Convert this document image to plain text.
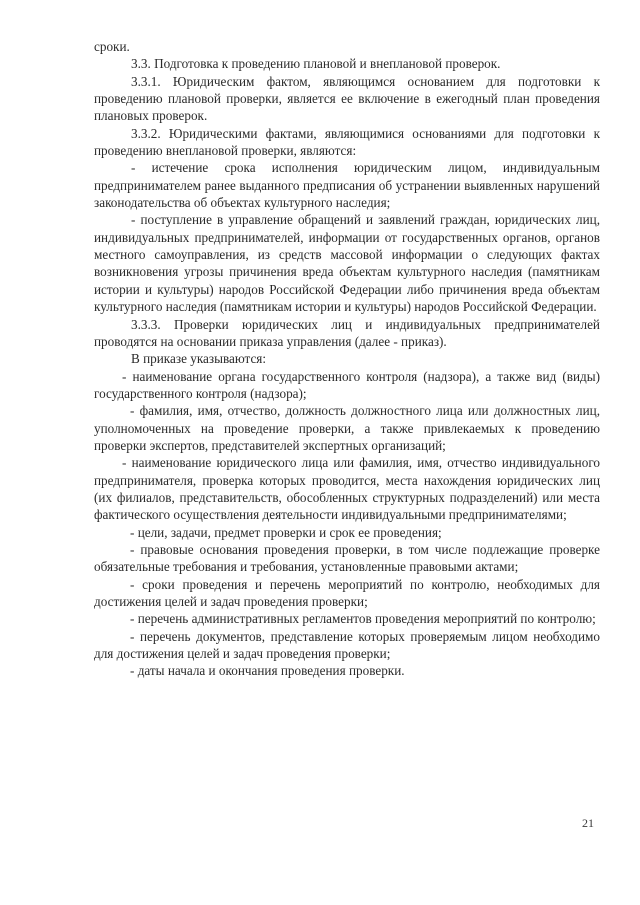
сроки.

3.3. Подготовка к проведению плановой и внеплановой проверок.

3.3.1. Юридическим фактом, являющимся основанием для подготовки к проведению плановой проверки, является ее включение в ежегодный план проведения плановых проверок.

3.3.2. Юридическими фактами, являющимися основаниями для подготовки к проведению внеплановой проверки, являются:

- истечение срока исполнения юридическим лицом, индивидуальным предпринимателем ранее выданного предписания об устранении выявленных нарушений законодательства об объектах культурного наследия;

- поступление в управление обращений и заявлений граждан, юридических лиц, индивидуальных предпринимателей, информации от государственных органов, органов местного самоуправления, из средств массовой информации о следующих фактах возникновения угрозы причинения вреда объектам культурного наследия (памятникам истории и культуры) народов Российской Федерации либо причинения вреда объектам культурного наследия (памятникам истории и культуры) народов Российской Федерации.

3.3.3. Проверки юридических лиц и индивидуальных предпринимателей проводятся на основании приказа управления (далее - приказ).

В приказе указываются:

- наименование органа государственного контроля (надзора), а также вид (виды) государственного контроля (надзора);

- фамилия, имя, отчество, должность должностного лица или должностных лиц, уполномоченных на проведение проверки, а также привлекаемых к проведению проверки экспертов, представителей экспертных организаций;

- наименование юридического лица или фамилия, имя, отчество индивидуального предпринимателя, проверка которых проводится, места нахождения юридических лиц (их филиалов, представительств, обособленных структурных подразделений) или места фактического осуществления деятельности индивидуальными предпринимателями;

- цели, задачи, предмет проверки и срок ее проведения;

- правовые основания проведения проверки, в том числе подлежащие проверке обязательные требования и требования, установленные правовыми актами;

- сроки проведения и перечень мероприятий по контролю, необходимых для достижения целей и задач проведения проверки;

- перечень административных регламентов проведения мероприятий по контролю;

- перечень документов, представление которых проверяемым лицом необходимо для достижения целей и задач проведения проверки;

- даты начала и окончания проведения проверки.

21
